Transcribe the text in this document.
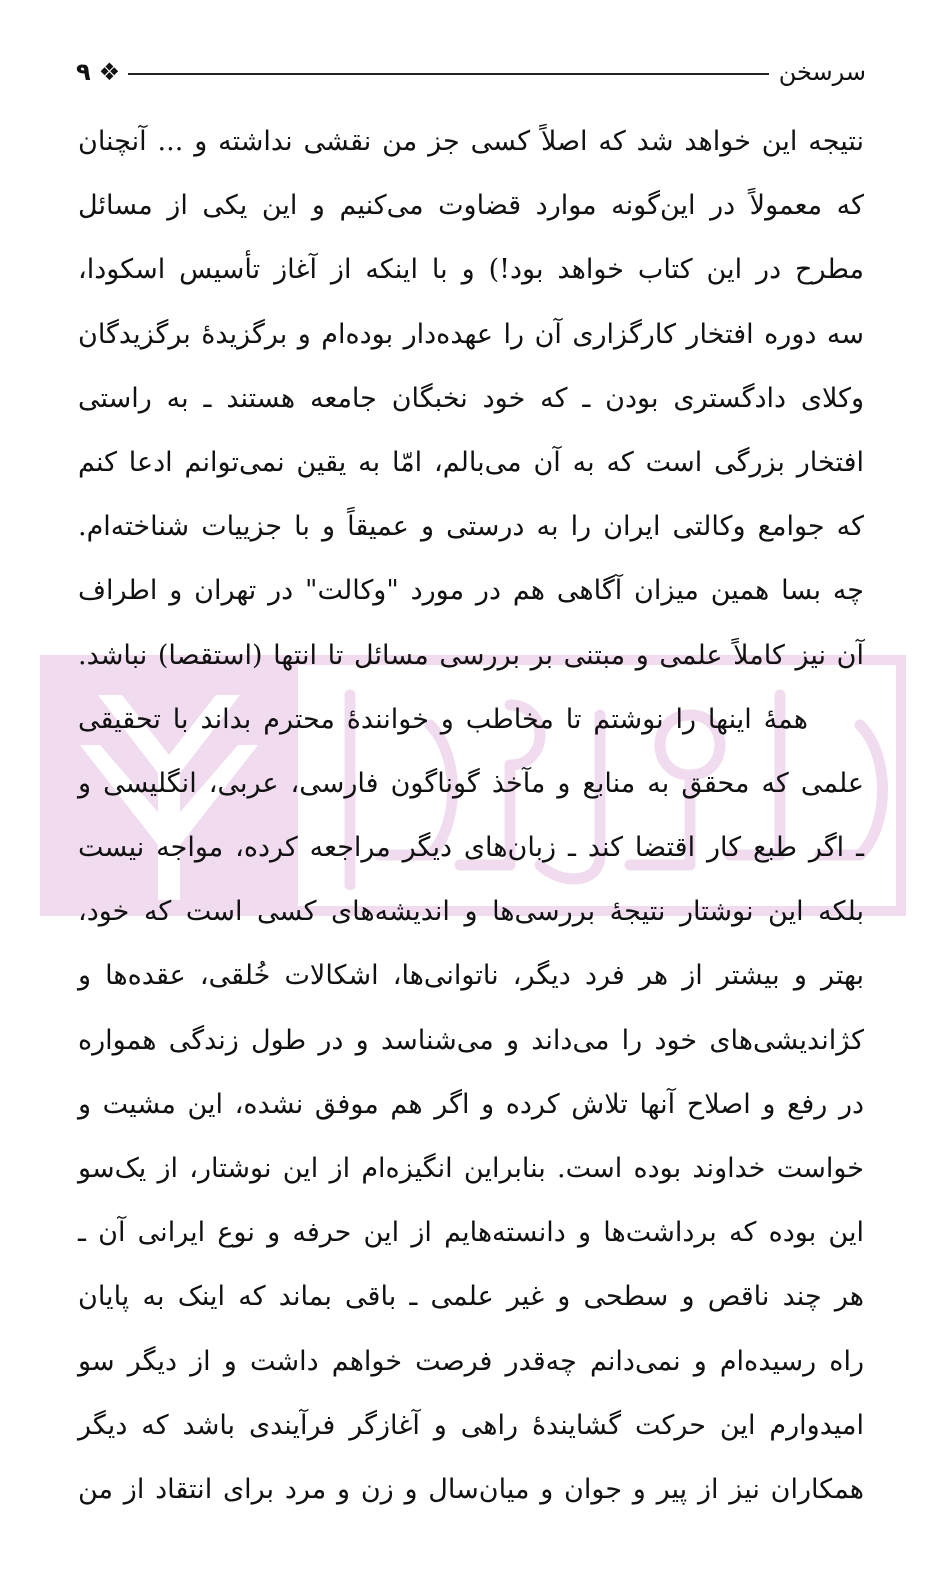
۹ ❖	سرسخن
نتیجه این خواهد شد که اصلاً کسی جز من نقشی نداشته و ... آنچنان
که معمولاً در این‌گونه موارد قضاوت می‌کنیم و این یکی از مسائل
مطرح در این کتاب خواهد بود!) و با اینکه از آغاز تأسیس اسکودا،
سه دوره افتخار کارگزاری آن را عهده‌دار بوده‌ام و برگزیدهٔ برگزیدگان
وکلای دادگستری بودن ـ که خود نخبگان جامعه هستند ـ به راستی
افتخار بزرگی است که به آن می‌بالم، امّا به یقین نمی‌توانم ادعا کنم
که جوامع وکالتی ایران را به درستی و عمیقاً و با جزییات شناخته‌ام.
چه بسا همین میزان آگاهی هم در مورد "وکالت" در تهران و اطراف
آن نیز کاملاً علمی و مبتنی بر بررسی مسائل تا انتها (استقصا) نباشد.
همهٔ اینها را نوشتم تا مخاطب و خوانندهٔ محترم بداند با تحقیقی
علمی که محقق به منابع و مآخذ گوناگون فارسی، عربی، انگلیسی و
ـ اگر طبع کار اقتضا کند ـ زبان‌های دیگر مراجعه کرده، مواجه نیست
بلکه این نوشتار نتیجهٔ بررسی‌ها و اندیشه‌های کسی است که خود،
بهتر و بیشتر از هر فرد دیگر، ناتوانی‌ها، اشکالات خُلقی، عقده‌ها و
کژاندیشی‌های خود را می‌داند و می‌شناسد و در طول زندگی همواره
در رفع و اصلاح آنها تلاش کرده و اگر هم موفق نشده، این مشیت و
خواست خداوند بوده است. بنابراین انگیزه‌ام از این نوشتار، از یک‌سو
این بوده که برداشت‌ها و دانسته‌هایم از این حرفه و نوع ایرانی آن ـ
هر چند ناقص و سطحی و غیر علمی ـ باقی بماند که اینک به پایان
راه رسیده‌ام و نمی‌دانم چه‌قدر فرصت خواهم داشت و از دیگر سو
امیدوارم این حرکت گشایندهٔ راهی و آغازگر فرآیندی باشد که دیگر
همکاران نیز از پیر و جوان و میان‌سال و زن و مرد برای انتقاد از من
